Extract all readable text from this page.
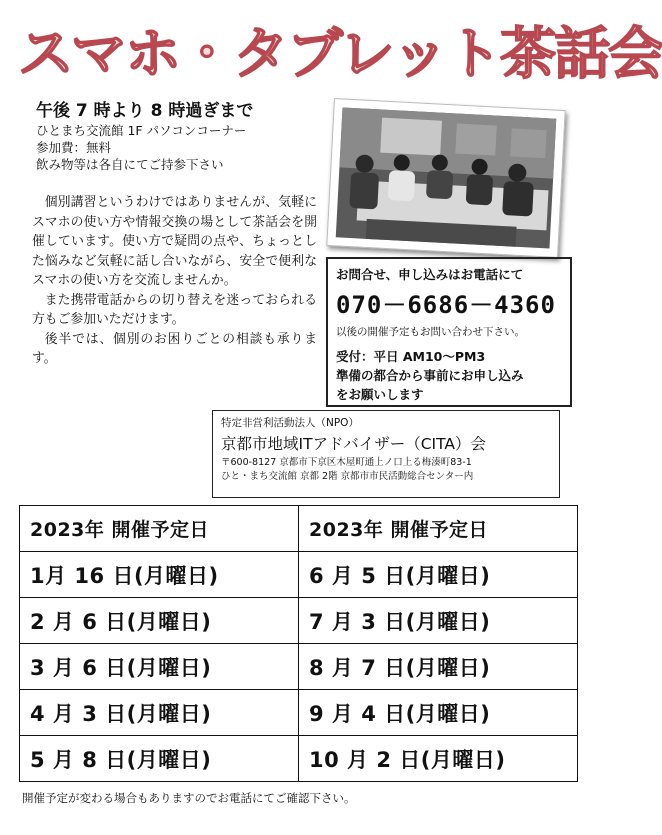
スマホ・タブレット茶話会
午後 7 時より 8 時過ぎまで
ひとまち交流館 1F パソコンコーナー
参加費：無料
飲み物等は各自にてご持参下さい

個別講習というわけではありませんが、気軽にスマホの使い方や情報交換の場として茶話会を開催しています。使い方で疑問の点や、ちょっとした悩みなど気軽に話し合いながら、安全で便利なスマホの使い方を交流しませんか。

また携帯電話からの切り替えを迷っておられる方もご参加いただけます。

後半では、個別のお困りごとの相談も承ります。

お問合せ、申し込みはお電話にて
070－6686－4360
以後の開催予定もお問い合わせ下さい。
受付：平日 AM10～PM3
準備の都合から事前にお申し込み
をお願いします
特定非営利活動法人（NPO）
京都市地域ITアドバイザー（CITA）会
〒600-8127 京都市下京区木屋町通上ノ口上る梅湊町83-1
ひと・まち交流館 京都 2階 京都市市民活動総合センター内
2023年 開催予定日	2023年 開催予定日
1月 16 日(月曜日)	6 月 5 日(月曜日)
2 月 6 日(月曜日)	7 月 3 日(月曜日)
3 月 6 日(月曜日)	8 月 7 日(月曜日)
4 月 3 日(月曜日)	9 月 4 日(月曜日)
5 月 8 日(月曜日)	10 月 2 日(月曜日)
開催予定が変わる場合もありますのでお電話にてご確認下さい。
